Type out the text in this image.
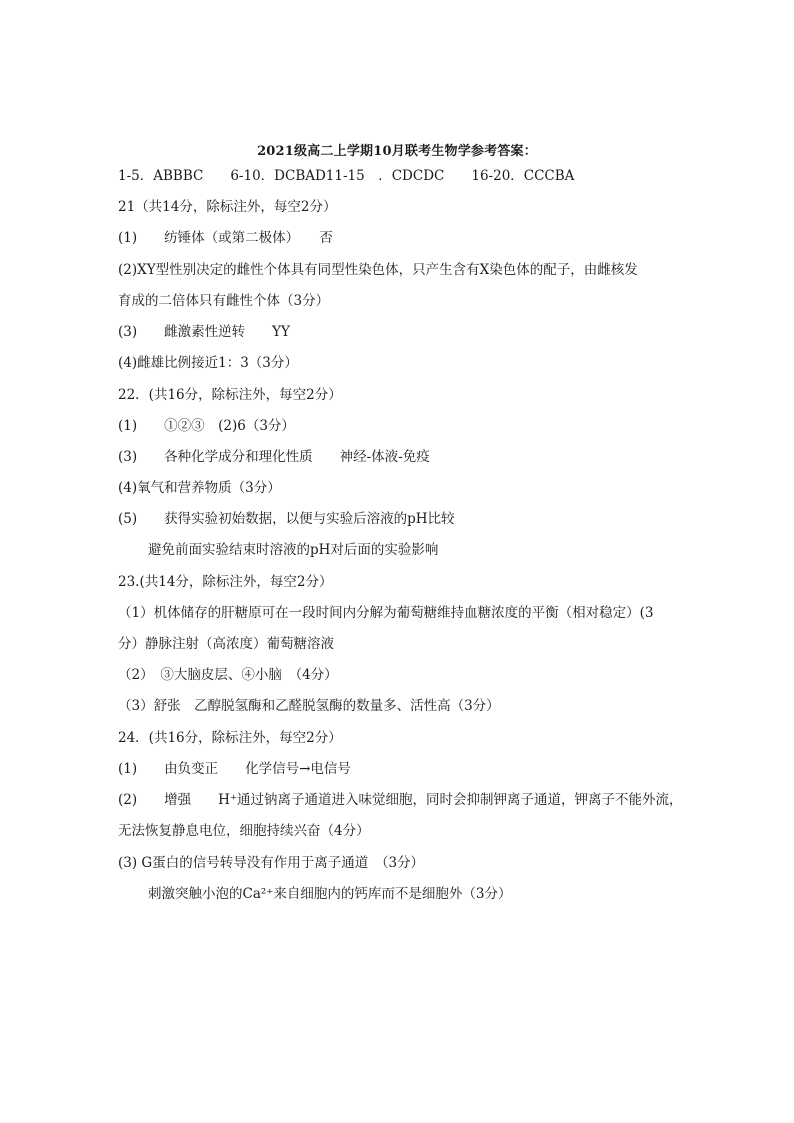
2021级高二上学期10月联考生物学参考答案：
1-5．ABBBC　　6-10．DCBAD11-15　．CDCDC　　16-20．CCCBA
21（共14分，除标注外，每空2分）
(1)　　纺锤体（或第二极体）　　否
(2)XY型性别决定的雌性个体具有同型性染色体，只产生含有X染色体的配子，由雌核发
育成的二倍体只有雌性个体（3分）
(3)　　雌激素性逆转　　YY
(4)雌雄比例接近1：3（3分）
22．(共16分，除标注外，每空2分）
(1)　　①②③　(2)6（3分）
(3)　　各种化学成分和理化性质　　神经-体液-免疫
(4)氧气和营养物质（3分）
(5)　　获得实验初始数据，以便与实验后溶液的pH比较
避免前面实验结束时溶液的pH对后面的实验影响
23.(共14分，除标注外，每空2分）
（1）机体储存的肝糖原可在一段时间内分解为葡萄糖维持血糖浓度的平衡（相对稳定）(3
分）静脉注射（高浓度）葡萄糖溶液
（2）　③大脑皮层、④小脑　（4分）
（3）舒张　乙醇脱氢酶和乙醛脱氢酶的数量多、活性高（3分）
24．(共16分，除标注外，每空2分）
(1)　　由负变正　　化学信号→电信号
(2)　　增强　　H⁺通过钠离子通道进入味觉细胞，同时会抑制钾离子通道，钾离子不能外流，
无法恢复静息电位，细胞持续兴奋（4分）
(3) G蛋白的信号转导没有作用于离子通道　（3分）
刺激突触小泡的Ca²⁺来自细胞内的钙库而不是细胞外（3分）
